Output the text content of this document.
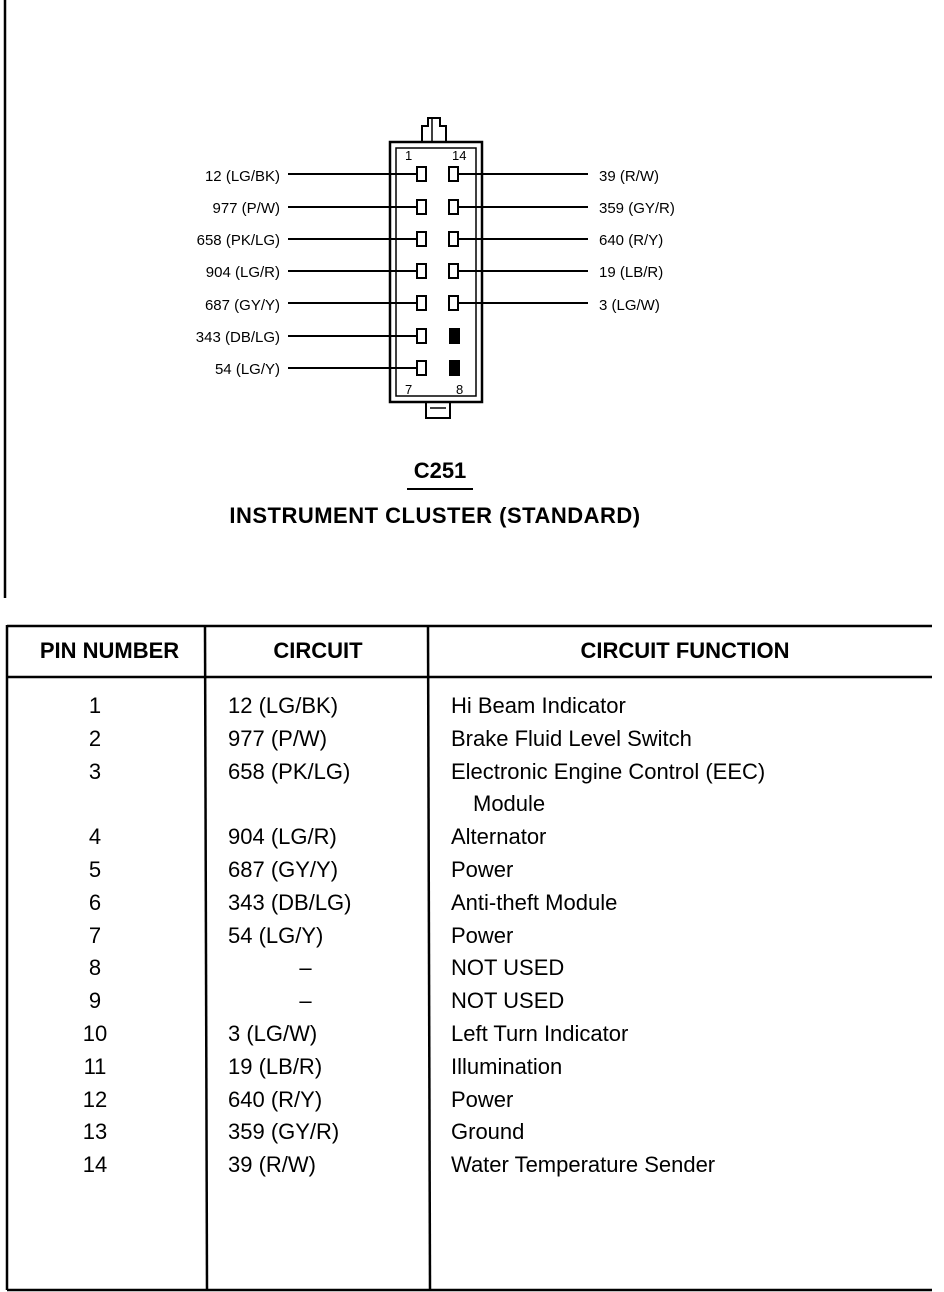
1	14
7	8
12 (LG/BK)
977 (P/W)
658 (PK/LG)
904 (LG/R)
687 (GY/Y)
343 (DB/LG)
54 (LG/Y)
39 (R/W)
359 (GY/R)
640 (R/Y)
19 (LB/R)
3 (LG/W)
C251
INSTRUMENT CLUSTER (STANDARD)
PIN NUMBER	CIRCUIT	CIRCUIT FUNCTION
1	12 (LG/BK)	Hi Beam Indicator
2	977 (P/W)	Brake Fluid Level Switch
3	658 (PK/LG)	Electronic Engine Control (EEC)
Module
4	904 (LG/R)	Alternator
5	687 (GY/Y)	Power
6	343 (DB/LG)	Anti-theft Module
7	54 (LG/Y)	Power
8	–	NOT USED
9	–	NOT USED
10	3 (LG/W)	Left Turn Indicator
11	19 (LB/R)	Illumination
12	640 (R/Y)	Power
13	359 (GY/R)	Ground
14	39 (R/W)	Water Temperature Sender
